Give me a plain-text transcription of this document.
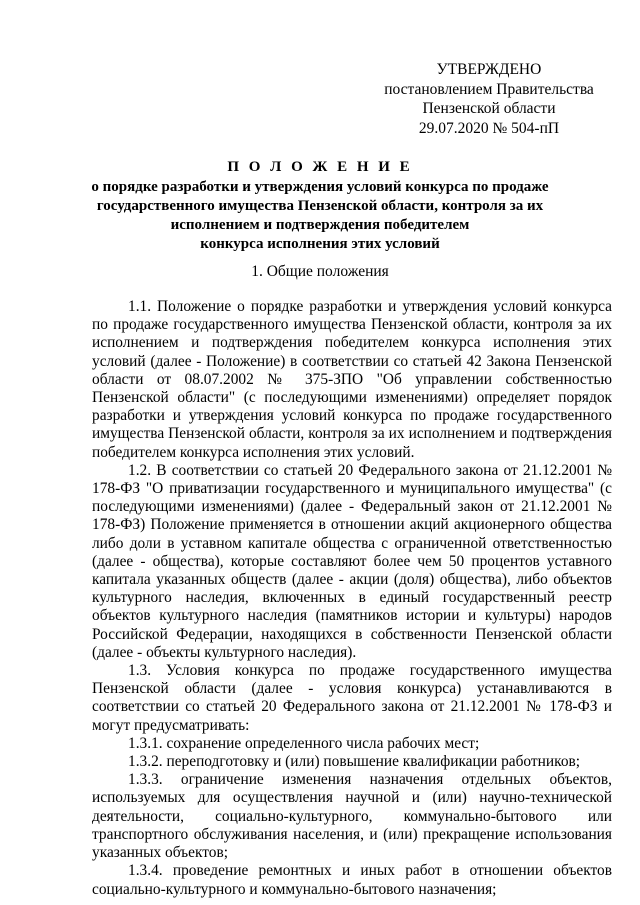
УТВЕРЖДЕНО
постановлением Правительства
Пензенской области
29.07.2020 № 504-пП
П О Л О Ж Е Н И Е
о порядке разработки и утверждения условий конкурса по продаже
государственного имущества Пензенской области, контроля за их
исполнением и подтверждения победителем
конкурса исполнения этих условий
1. Общие положения

1.1. Положение о порядке разработки и утверждения условий конкурса по продаже государственного имущества Пензенской области, контроля за их исполнением и подтверждения победителем конкурса исполнения этих условий (далее - Положение) в соответствии со статьей 42 Закона Пензенской области от 08.07.2002 № 375-ЗПО "Об управлении собственностью Пензенской области" (с последующими изменениями) определяет порядок разработки и утверждения условий конкурса по продаже государственного имущества Пензенской области, контроля за их исполнением и подтверждения победителем конкурса исполнения этих условий.

1.2. В соответствии со статьей 20 Федерального закона от 21.12.2001 № 178-ФЗ "О приватизации государственного и муниципального имущества" (с последующими изменениями) (далее - Федеральный закон от 21.12.2001 № 178-ФЗ) Положение применяется в отношении акций акционерного общества либо доли в уставном капитале общества с ограниченной ответственностью (далее - общества), которые составляют более чем 50 процентов уставного капитала указанных обществ (далее - акции (доля) общества), либо объектов культурного наследия, включенных в единый государственный реестр объектов культурного наследия (памятников истории и культуры) народов Российской Федерации, находящихся в собственности Пензенской области (далее - объекты культурного наследия).

1.3. Условия конкурса по продаже государственного имущества Пензенской области (далее - условия конкурса) устанавливаются в соответствии со статьей 20 Федерального закона от 21.12.2001 № 178-ФЗ и могут предусматривать:

1.3.1. сохранение определенного числа рабочих мест;

1.3.2. переподготовку и (или) повышение квалификации работников;

1.3.3. ограничение изменения назначения отдельных объектов, используемых для осуществления научной и (или) научно-технической деятельности, социально-культурного, коммунально-бытового или транспортного обслуживания населения, и (или) прекращение использования указанных объектов;

1.3.4. проведение ремонтных и иных работ в отношении объектов социально-культурного и коммунально-бытового назначения;
